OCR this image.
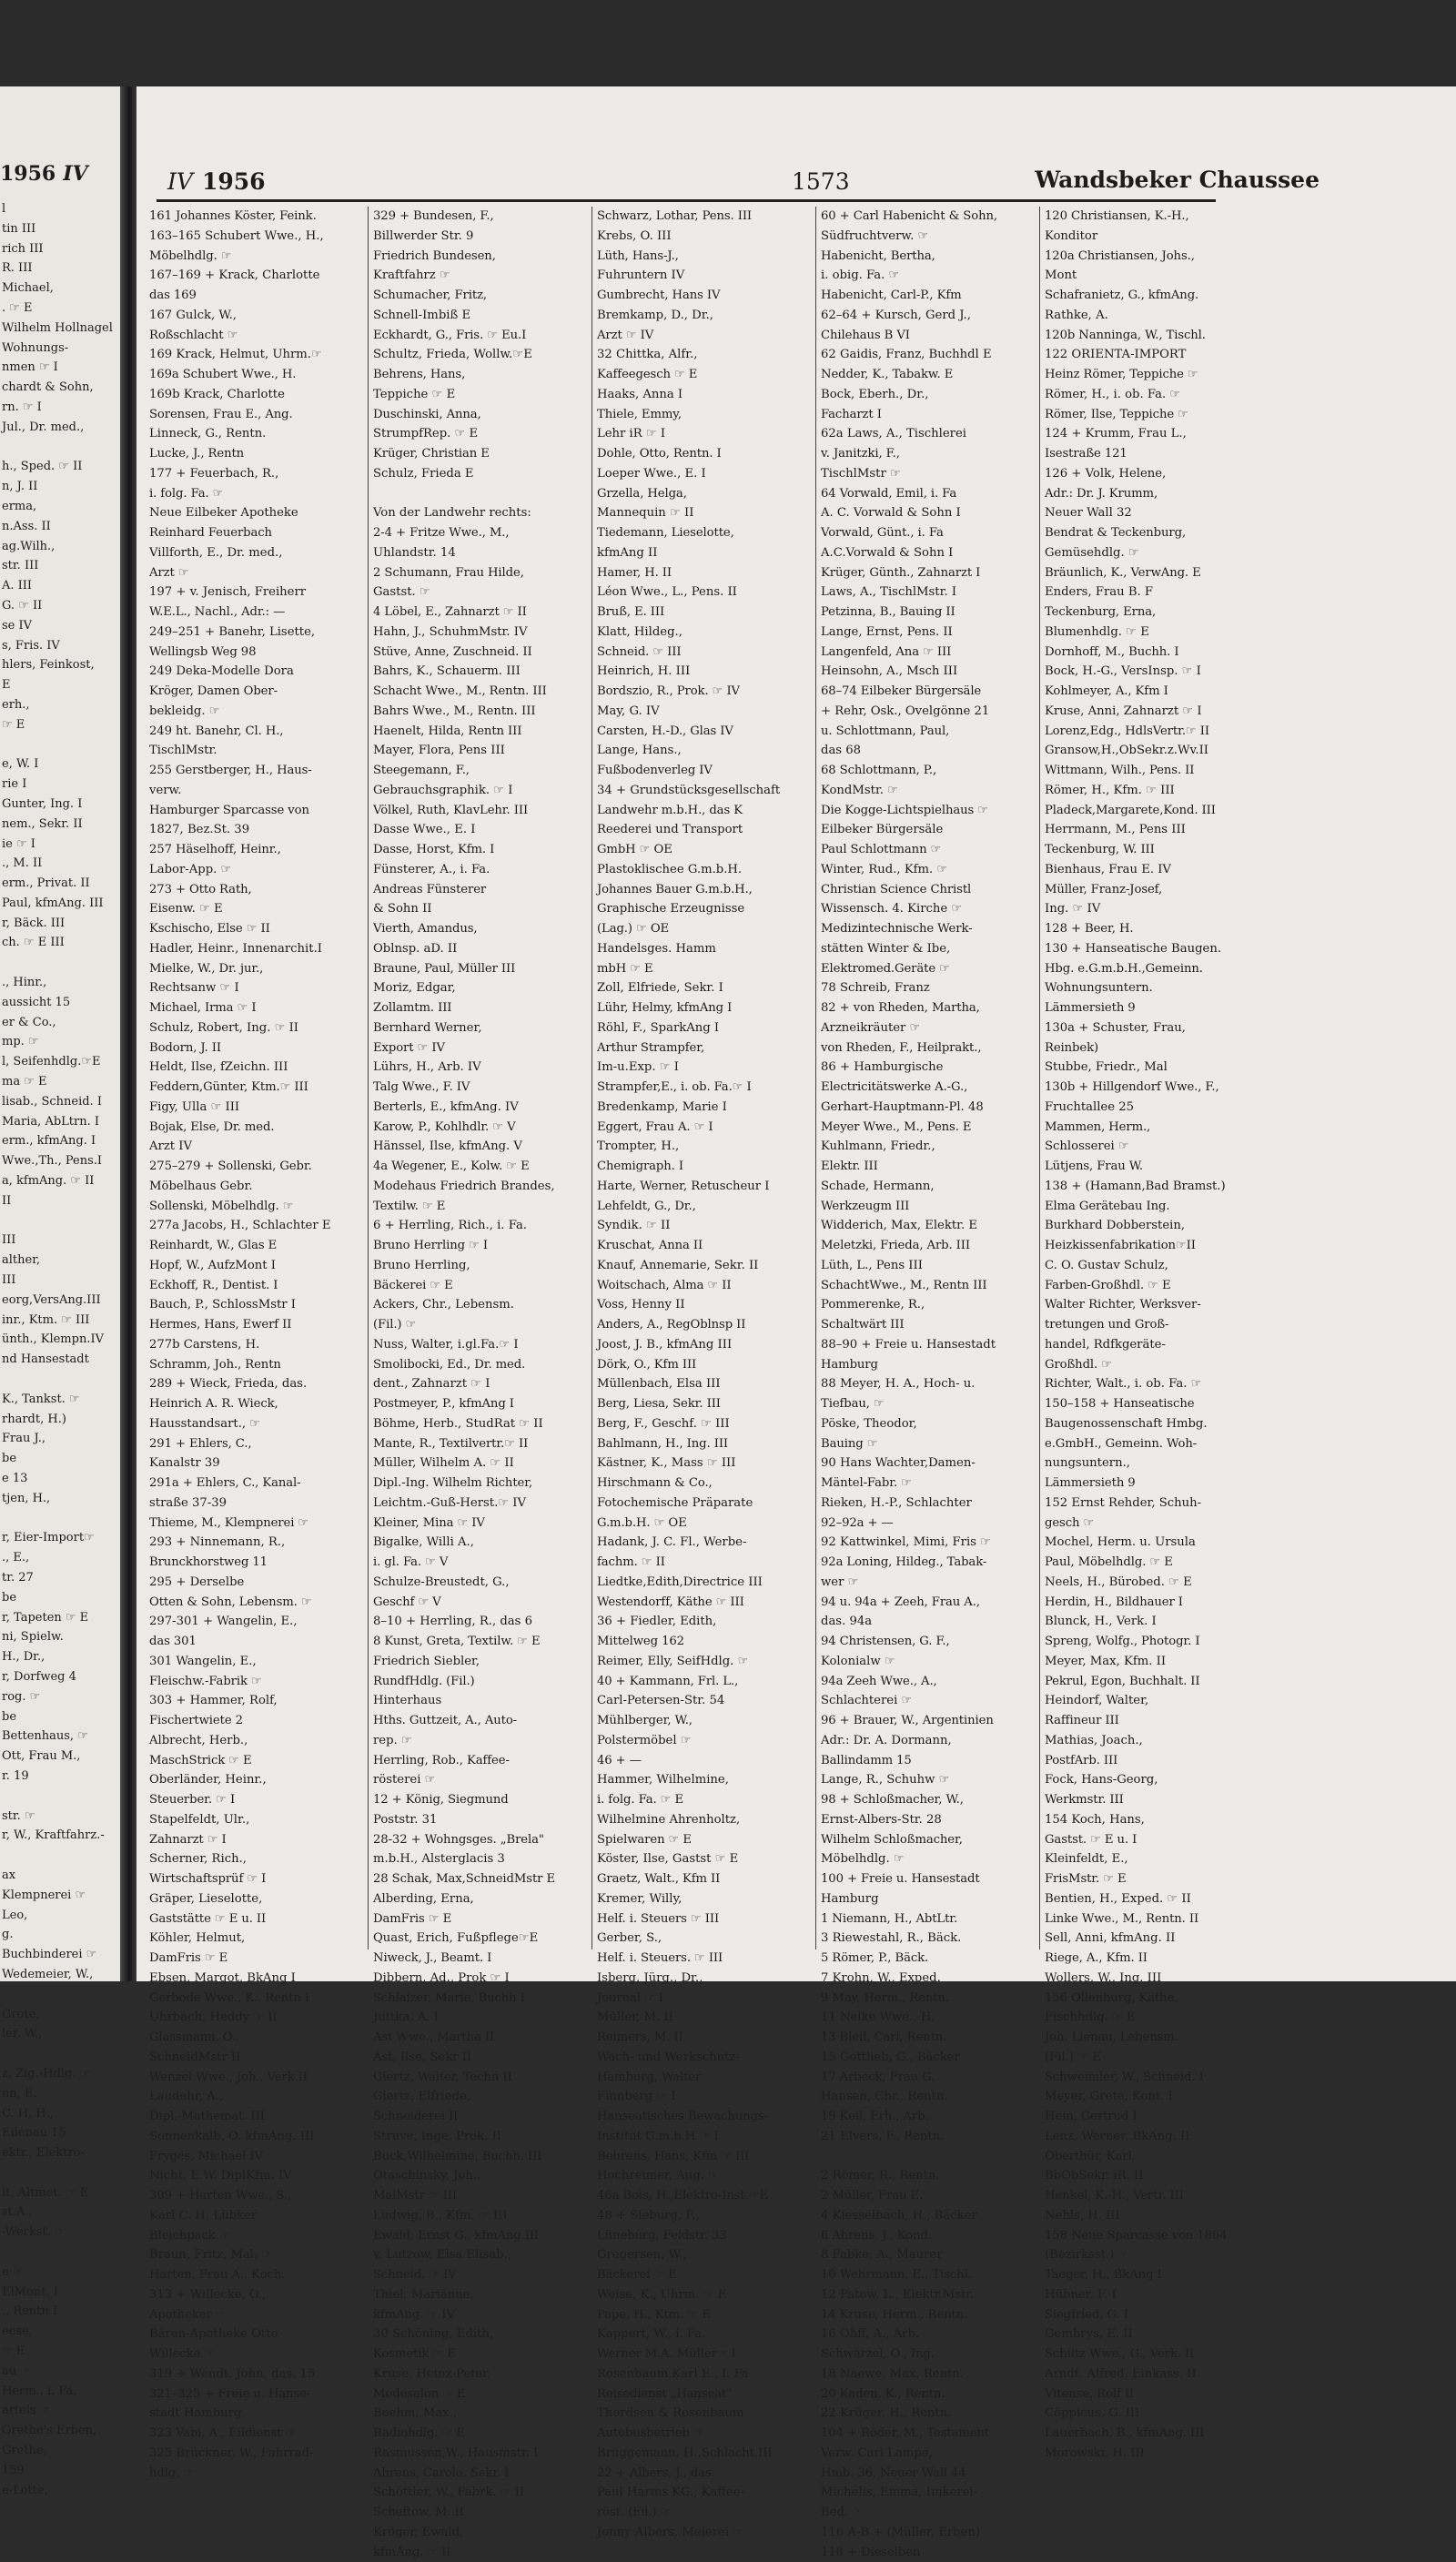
1956 IV
l
tin III
rich III
R. III
Michael,
. ☞ E
Wilhelm Hollnagel
Wohnungs-
nmen ☞ I
chardt & Sohn,
rn. ☞ I
Jul., Dr. med.,
h., Sped. ☞ II
n, J. II
erma,
n.Ass. II
ag.Wilh.,
str. III
A. III
G. ☞ II
se IV
s, Fris. IV
hlers, Feinkost,
E
erh.,
☞ E
e, W. I
rie I
Gunter, Ing. I
nem., Sekr. II
ie ☞ I
., M. II
erm., Privat. II
Paul, kfmAng. III
r, Bäck. III
ch. ☞ E III
., Hinr.,
aussicht 15
er & Co.,
mp. ☞
l, Seifenhdlg.☞E
ma ☞ E
lisab., Schneid. I
Maria, AbLtrn. I
erm., kfmAng. I
Wwe.,Th., Pens.I
a, kfmAng. ☞ II
II
III
alther,
III
eorg,VersAng.III
inr., Ktm. ☞ III
ünth., Klempn.IV
nd Hansestadt
K., Tankst. ☞
rhardt, H.)
Frau J.,
be
e 13
tjen, H.,
r, Eier-Import☞
., E.,
tr. 27
be
r, Tapeten ☞ E
ni, Spielw.
H., Dr.,
r, Dorfweg 4
rog. ☞
be
Bettenhaus, ☞
Ott, Frau M.,
r. 19
str. ☞
r, W., Kraftfahrz.-
ax
Klempnerei ☞
Leo,
g.
Buchbinderei ☞
Wedemeier, W.,
Grote,
ler, W.,
z, Zig.-Hdlg. ☞
nn, E.
C. H. H.,
Eilenau 15
ektr., Elektro-
it, Altmet. ☞ E
st.A.,
-Werkst. ☞
e ☞
ElMont. I
., Rentn I
eese,
☞ E
au ☞
Herm., i. Fa.
artels ☞
Grethe's Erben,
Grethe,
159
e-Lotte,
IV 1956	1573	Wandsbeker Chaussee
161 Johannes Köster, Feink.
163–165 Schubert Wwe., H.,
Möbelhdlg. ☞
167–169 + Krack, Charlotte
das 169
167 Gulck, W.,
Roßschlacht ☞
169 Krack, Helmut, Uhrm.☞
169a Schubert Wwe., H.
169b Krack, Charlotte
Sorensen, Frau E., Ang.
Linneck, G., Rentn.
Lucke, J., Rentn
177 + Feuerbach, R.,
i. folg. Fa. ☞
Neue Eilbeker Apotheke
Reinhard Feuerbach
Villforth, E., Dr. med.,
Arzt ☞
197 + v. Jenisch, Freiherr
W.E.L., Nachl., Adr.: —
249–251 + Banehr, Lisette,
Wellingsb Weg 98
249 Deka-Modelle Dora
Kröger, Damen Ober-
bekleidg. ☞
249 ht. Banehr, Cl. H.,
TischlMstr.
255 Gerstberger, H., Haus-
verw.
Hamburger Sparcasse von
1827, Bez.St. 39
257 Häselhoff, Heinr.,
Labor-App. ☞
273 + Otto Rath,
Eisenw. ☞ E
Kschischo, Else ☞ II
Hadler, Heinr., Innenarchit.I
Mielke, W., Dr. jur.,
Rechtsanw ☞ I
Michael, Irma ☞ I
Schulz, Robert, Ing. ☞ II
Bodorn, J. II
Heldt, Ilse, fZeichn. III
Feddern,Günter, Ktm.☞ III
Figy, Ulla ☞ III
Bojak, Else, Dr. med.
Arzt IV
275–279 + Sollenski, Gebr.
Möbelhaus Gebr.
Sollenski, Möbelhdlg. ☞
277a Jacobs, H., Schlachter E
Reinhardt, W., Glas E
Hopf, W., AufzMont I
Eckhoff, R., Dentist. I
Bauch, P., SchlossMstr I
Hermes, Hans, Ewerf II
277b Carstens, H.
Schramm, Joh., Rentn
289 + Wieck, Frieda, das.
Heinrich A. R. Wieck,
Hausstandsart., ☞
291 + Ehlers, C.,
Kanalstr 39
291a + Ehlers, C., Kanal-
straße 37-39
Thieme, M., Klempnerei ☞
293 + Ninnemann, R.,
Brunckhorstweg 11
295 + Derselbe
Otten & Sohn, Lebensm. ☞
297-301 + Wangelin, E.,
das 301
301 Wangelin, E.,
Fleischw.-Fabrik ☞
303 + Hammer, Rolf,
Fischertwiete 2
Albrecht, Herb.,
MaschStrick ☞ E
Oberländer, Heinr.,
Steuerber. ☞ I
Stapelfeldt, Ulr.,
Zahnarzt ☞ I
Scherner, Rich.,
Wirtschaftsprüf ☞ I
Gräper, Lieselotte,
Gaststätte ☞ E u. II
Köhler, Helmut,
DamFris ☞ E
Ebsen, Margot, BkAng I
Gerbode Wwe., K., Rentn I
Uhrbach, Heddy ☞ II
Glassmann, O.,
SchneidMstr II
Wenzel Wwe., Joh., Verk.II
Laudehr, A.,
Dipl.-Mathemat. III
Sonnenkalb, O. kfmAng. III
Fryges, Michael IV
Nicht, E.W. DiplKfm. IV
309 + Harten Wwe., S.,
Karl C. H. Lübker
Bleichpack ☞
Braun, Fritz, Mal. ☞
Harten, Frau A., Koch.
313 + Willecke, O.,
Apotheker ☞
Bären-Apotheke Otto
Willecke ☞
319 + Wendt, John, das. 15
321–325 + Freie u. Hanse-
stadt Hamburg
323 Vabi, A., Eildienst ☞
325 Brückner, W., Fahrrad-
hdlg. ☞
329 + Bundesen, F.,
Billwerder Str. 9
Friedrich Bundesen,
Kraftfahrz ☞
Schumacher, Fritz,
Schnell-Imbiß E
Eckhardt, G., Fris. ☞ Eu.I
Schultz, Frieda, Wollw.☞E
Behrens, Hans,
Teppiche ☞ E
Duschinski, Anna,
StrumpfRep. ☞ E
Krüger, Christian E
Schulz, Frieda E
Von der Landwehr rechts:
2-4 + Fritze Wwe., M.,
Uhlandstr. 14
2 Schumann, Frau Hilde,
Gastst. ☞
4 Löbel, E., Zahnarzt ☞ II
Hahn, J., SchuhmMstr. IV
Stüve, Anne, Zuschneid. II
Bahrs, K., Schauerm. III
Schacht Wwe., M., Rentn. III
Bahrs Wwe., M., Rentn. III
Haenelt, Hilda, Rentn III
Mayer, Flora, Pens III
Steegemann, F.,
Gebrauchsgraphik. ☞ I
Völkel, Ruth, KlavLehr. III
Dasse Wwe., E. I
Dasse, Horst, Kfm. I
Fünsterer, A., i. Fa.
Andreas Fünsterer
& Sohn II
Vierth, Amandus,
Oblnsp. aD. II
Braune, Paul, Müller III
Moriz, Edgar,
Zollamtm. III
Bernhard Werner,
Export ☞ IV
Lührs, H., Arb. IV
Talg Wwe., F. IV
Berterls, E., kfmAng. IV
Karow, P., Kohlhdlr. ☞ V
Hänssel, Ilse, kfmAng. V
4a Wegener, E., Kolw. ☞ E
Modehaus Friedrich Brandes,
Textilw. ☞ E
6 + Herrling, Rich., i. Fa.
Bruno Herrling ☞ I
Bruno Herrling,
Bäckerei ☞ E
Ackers, Chr., Lebensm.
(Fil.) ☞
Nuss, Walter, i.gl.Fa.☞ I
Smolibocki, Ed., Dr. med.
dent., Zahnarzt ☞ I
Postmeyer, P., kfmAng I
Böhme, Herb., StudRat ☞ II
Mante, R., Textilvertr.☞ II
Müller, Wilhelm A. ☞ II
Dipl.-Ing. Wilhelm Richter,
Leichtm.-Guß-Herst.☞ IV
Kleiner, Mina ☞ IV
Bigalke, Willi A.,
i. gl. Fa. ☞ V
Schulze-Breustedt, G.,
Geschf ☞ V
8–10 + Herrling, R., das 6
8 Kunst, Greta, Textilw. ☞ E
Friedrich Siebler,
RundfHdlg. (Fil.)
Hinterhaus
Hths. Guttzeit, A., Auto-
rep. ☞
Herrling, Rob., Kaffee-
rösterei ☞
12 + König, Siegmund
Poststr. 31
28-32 + Wohngsges. „Brela"
m.b.H., Alsterglacis 3
28 Schak, Max,SchneidMstr E
Alberding, Erna,
DamFris ☞ E
Quast, Erich, Fußpflege☞E
Niweck, J., Beamt. I
Dibbern, Ad., Prok ☞ I
Schlaizer, Marie, Buchh I
Juttka, A. I
Ast Wwe., Martha II
Ast, Ilse, Sekr II
Giertz, Walter, Techn II
Giertz, Elfriede,
Schneiderei II
Struve, Inge, Prok. II
Buck,Wilhelmine, Buchh. III
Otaschinsky, Joh.,
MalMstr ☞ III
Ludwig, B., Kfm. ☞ III
Ewald, Ernst G., kfmAng.III
v. Lutzow, Elsa Elisab.,
Schneid. ☞ IV
Thiel, Marianne,
kfmAng. ☞ IV
30 Schöning, Edith,
Kosmetik ☞ E
Kruse, Heinz-Peter,
Modesalon ☞ E
Boehm, Max.,
Radiohdlg. ☞ E
Rasmussen,W., Hausmstr. I
Ahrens, Carola, Sekr. I
Schöttler, W., Fabrk. ☞ II
Scheftow, M. II
Kröger, Ewald,
kfmAng. ☞ II
Schwarz, Lothar, Pens. III
Krebs, O. III
Lüth, Hans-J.,
Fuhruntern IV
Gumbrecht, Hans IV
Bremkamp, D., Dr.,
Arzt ☞ IV
32 Chittka, Alfr.,
Kaffeegesch ☞ E
Haaks, Anna I
Thiele, Emmy,
Lehr iR ☞ I
Dohle, Otto, Rentn. I
Loeper Wwe., E. I
Grzella, Helga,
Mannequin ☞ II
Tiedemann, Lieselotte,
kfmAng II
Hamer, H. II
Léon Wwe., L., Pens. II
Bruß, E. III
Klatt, Hildeg.,
Schneid. ☞ III
Heinrich, H. III
Bordszio, R., Prok. ☞ IV
May, G. IV
Carsten, H.-D., Glas IV
Lange, Hans.,
Fußbodenverleg IV
34 + Grundstücksgesellschaft
Landwehr m.b.H., das K
Reederei und Transport
GmbH ☞ OE
Plastoklischee G.m.b.H.
Johannes Bauer G.m.b.H.,
Graphische Erzeugnisse
(Lag.) ☞ OE
Handelsges. Hamm
mbH ☞ E
Zoll, Elfriede, Sekr. I
Lühr, Helmy, kfmAng I
Röhl, F., SparkAng I
Arthur Strampfer,
Im-u.Exp. ☞ I
Strampfer,E., i. ob. Fa.☞ I
Bredenkamp, Marie I
Eggert, Frau A. ☞ I
Trompter, H.,
Chemigraph. I
Harte, Werner, Retuscheur I
Lehfeldt, G., Dr.,
Syndik. ☞ II
Kruschat, Anna II
Knauf, Annemarie, Sekr. II
Woitschach, Alma ☞ II
Voss, Henny II
Anders, A., RegOblnsp II
Joost, J. B., kfmAng III
Dörk, O., Kfm III
Müllenbach, Elsa III
Berg, Liesa, Sekr. III
Berg, F., Geschf. ☞ III
Bahlmann, H., Ing. III
Kästner, K., Mass ☞ III
Hirschmann & Co.,
Fotochemische Präparate
G.m.b.H. ☞ OE
Hadank, J. C. Fl., Werbe-
fachm. ☞ II
Liedtke,Edith,Directrice III
Westendorff, Käthe ☞ III
36 + Fiedler, Edith,
Mittelweg 162
Reimer, Elly, SeifHdlg. ☞
40 + Kammann, Frl. L.,
Carl-Petersen-Str. 54
Mühlberger, W.,
Polstermöbel ☞
46 + —
Hammer, Wilhelmine,
i. folg. Fa. ☞ E
Wilhelmine Ahrenholtz,
Spielwaren ☞ E
Köster, Ilse, Gastst ☞ E
Graetz, Walt., Kfm II
Kremer, Willy,
Helf. i. Steuers ☞ III
Gerber, S.,
Helf. i. Steuers. ☞ III
Isberg, Jürg., Dr.,
Journal ☞ I
Müller, M. II
Reimers, M. II
Wach- und Werkschutz-
Hamburg, Walter
Finnberg ☞ I
Hanseatisches Bewachungs-
Institut G.m.b.H ☞ I
Behrens, Hans, Kfm ☞ III
Hochreimer, Aug. ☞
46a Bois, H.,Elektro-Inst.☞E
48 + Sieburg, F.,
Lüneburg, Feldstr. 33
Gregersen, W.,
Bäckerei ☞ E
Weise, K., Uhrm. ☞ E
Pape, H., Ktm. ☞ E
Kappert, W., i. Fa.
Werner M.A. Müller☞ I
Rosenbaum,Karl E., I. Fa
Reisedienst „Hanseat"
Thordsen & Rosenbaum
Autobusbetrieb ☞
Brüggemann, H.,Schlacht.III
22 + Albers, J., das.
Paul Harms KG., Kaffee-
röst. (Fil.) ☞
Jonny Albers, Meierei ☞
60 + Carl Habenicht & Sohn,
Südfruchtverw. ☞
Habenicht, Bertha,
i. obig. Fa. ☞
Habenicht, Carl-P., Kfm
62–64 + Kursch, Gerd J.,
Chilehaus B VI
62 Gaidis, Franz, Buchhdl E
Nedder, K., Tabakw. E
Bock, Eberh., Dr.,
Facharzt I
62a Laws, A., Tischlerei
v. Janitzki, F.,
TischlMstr ☞
64 Vorwald, Emil, i. Fa
A. C. Vorwald & Sohn I
Vorwald, Günt., i. Fa
A.C.Vorwald & Sohn I
Krüger, Günth., Zahnarzt I
Laws, A., TischlMstr. I
Petzinna, B., Bauing II
Lange, Ernst, Pens. II
Langenfeld, Ana ☞ III
Heinsohn, A., Msch III
68–74 Eilbeker Bürgersäle
+ Rehr, Osk., Ovelgönne 21
u. Schlottmann, Paul,
das 68
68 Schlottmann, P.,
KondMstr. ☞
Die Kogge-Lichtspielhaus ☞
Eilbeker Bürgersäle
Paul Schlottmann ☞
Winter, Rud., Kfm. ☞
Christian Science Christl
Wissensch. 4. Kirche ☞
Medizintechnische Werk-
stätten Winter & Ibe,
Elektromed.Geräte ☞
78 Schreib, Franz
82 + von Rheden, Martha,
Arzneikräuter ☞
von Rheden, F., Heilprakt.,
86 + Hamburgische
Electricitätswerke A.-G.,
Gerhart-Hauptmann-Pl. 48
Meyer Wwe., M., Pens. E
Kuhlmann, Friedr.,
Elektr. III
Schade, Hermann,
Werkzeugm III
Widderich, Max, Elektr. E
Meletzki, Frieda, Arb. III
Lüth, L., Pens III
SchachtWwe., M., Rentn III
Pommerenke, R.,
Schaltwärt III
88–90 + Freie u. Hansestadt
Hamburg
88 Meyer, H. A., Hoch- u.
Tiefbau, ☞
Pöske, Theodor,
Bauing ☞
90 Hans Wachter,Damen-
Mäntel-Fabr. ☞
Rieken, H.-P., Schlachter
92–92a + —
92 Kattwinkel, Mimi, Fris ☞
92a Loning, Hildeg., Tabak-
wer ☞
94 u. 94a + Zeeh, Frau A.,
das. 94a
94 Christensen, G. F.,
Kolonialw ☞
94a Zeeh Wwe., A.,
Schlachterei ☞
96 + Brauer, W., Argentinien
Adr.: Dr. A. Dormann,
Ballindamm 15
Lange, R., Schuhw ☞
98 + Schloßmacher, W.,
Ernst-Albers-Str. 28
Wilhelm Schloßmacher,
Möbelhdlg. ☞
100 + Freie u. Hansestadt
Hamburg
1 Niemann, H., AbtLtr.
3 Riewestahl, R., Bäck.
5 Römer, P., Bäck.
7 Krohn, W., Exped.
9 May, Herm., Rentn.
11 Nelke Wwe., H.
13 Bleil, Carl, Rentn.
15 Gottlieb, G., Bäcker
17 Arbeck, Frau G.
Hansen, Chr., Rentn.
19 Keil, Erh., Arb.
21 Elvers, F., Rentn.
2 Römer, R., Rentn.
2 Müller, Frau E.
4 Kiesselbach, H., Bäcker
6 Ahrens, J., Kond.
8 Fabke, A., Maurer
10 Wehrmann, E., Tischl.
12 Patow, L., Elektr.Mstr.
14 Kruse, Herm., Rentn.
16 Ohff, A., Arb.
Schwärzel, O., Ing.
18 Naewe, Max, Rentn.
20 Kaden, K., Rentn.
22 Krüger, H., Rentn.
104 + Röder, M., Testament
Verw. Carl Lampe,
Hmb. 36, Neuer Wall 44
Michelis, Emma, Imkerei-
Bed. ☞
116 A-B + (Müller, Erben)
118 + Dieselben
120 Christiansen, K.-H.,
Konditor
120a Christiansen, Johs.,
Mont
Schafranietz, G., kfmAng.
Rathke, A.
120b Nanninga, W., Tischl.
122 ORIENTA-IMPORT
Heinz Römer, Teppiche ☞
Römer, H., i. ob. Fa. ☞
Römer, Ilse, Teppiche ☞
124 + Krumm, Frau L.,
Isestraße 121
126 + Volk, Helene,
Adr.: Dr. J. Krumm,
Neuer Wall 32
Bendrat & Teckenburg,
Gemüsehdlg. ☞
Bräunlich, K., VerwAng. E
Enders, Frau B. F
Teckenburg, Erna,
Blumenhdlg. ☞ E
Dornhoff, M., Buchh. I
Bock, H.-G., VersInsp. ☞ I
Kohlmeyer, A., Kfm I
Kruse, Anni, Zahnarzt ☞ I
Lorenz,Edg., HdlsVertr.☞ II
Gransow,H.,ObSekr.z.Wv.II
Wittmann, Wilh., Pens. II
Römer, H., Kfm. ☞ III
Pladeck,Margarete,Kond. III
Herrmann, M., Pens III
Teckenburg, W. III
Bienhaus, Frau E. IV
Müller, Franz-Josef,
Ing. ☞ IV
128 + Beer, H.
130 + Hanseatische Baugen.
Hbg. e.G.m.b.H.,Gemeinn.
Wohnungsuntern.
Lämmersieth 9
130a + Schuster, Frau,
Reinbek)
Stubbe, Friedr., Mal
130b + Hillgendorf Wwe., F.,
Fruchtallee 25
Mammen, Herm.,
Schlosserei ☞
Lütjens, Frau W.
138 + (Hamann,Bad Bramst.)
Elma Gerätebau Ing.
Burkhard Dobberstein,
Heizkissenfabrikation☞II
C. O. Gustav Schulz,
Farben-Großhdl. ☞ E
Walter Richter, Werksver-
tretungen und Groß-
handel, Rdfkgeräte-
Großhdl. ☞
Richter, Walt., i. ob. Fa. ☞
150–158 + Hanseatische
Baugenossenschaft Hmbg.
e.GmbH., Gemeinn. Woh-
nungsuntern.,
Lämmersieth 9
152 Ernst Rehder, Schuh-
gesch ☞
Mochel, Herm. u. Ursula
Paul, Möbelhdlg. ☞ E
Neels, H., Bürobed. ☞ E
Herdin, H., Bildhauer I
Blunck, H., Verk. I
Spreng, Wolfg., Photogr. I
Meyer, Max, Kfm. II
Pekrul, Egon, Buchhalt. II
Heindorf, Walter,
Raffineur III
Mathias, Joach.,
PostfArb. III
Fock, Hans-Georg,
Werkmstr. III
154 Koch, Hans,
Gastst. ☞ E u. I
Kleinfeldt, E.,
FrisMstr. ☞ E
Bentien, H., Exped. ☞ II
Linke Wwe., M., Rentn. II
Sell, Anni, kfmAng. II
Riege, A., Kfm. II
Wollers, W., Ing. III
156 Ollenburg, Käthe,
Fischhdlg. ☞ E
Joh. Lienau, Lebensm.
(Fil.) ☞ E
Schweimler, W., Schneid. I
Meyer, Grete, Kont. I
Hein, Gertrud I
Lenz, Werner, BkAng. II
Oberthür, Karl,
BbObSekr. iR. II
Henkel, K.-H., Vertr. III
Nehls, H. III
158 Neue Sparcasse von 1864
(Bezirksst.) ☞
Taeger, H., BkAng I
Hübner, F. I
Siegfried, G. I
Gembrys, E. II
Schiltz Wwe., G., Verk. II
Arndt, Alfred, Einkass. II
Vitense, Rolf II
Cöppicus, G. III
Lauerbach, B., kfmAng. III
Morowski, H. III
